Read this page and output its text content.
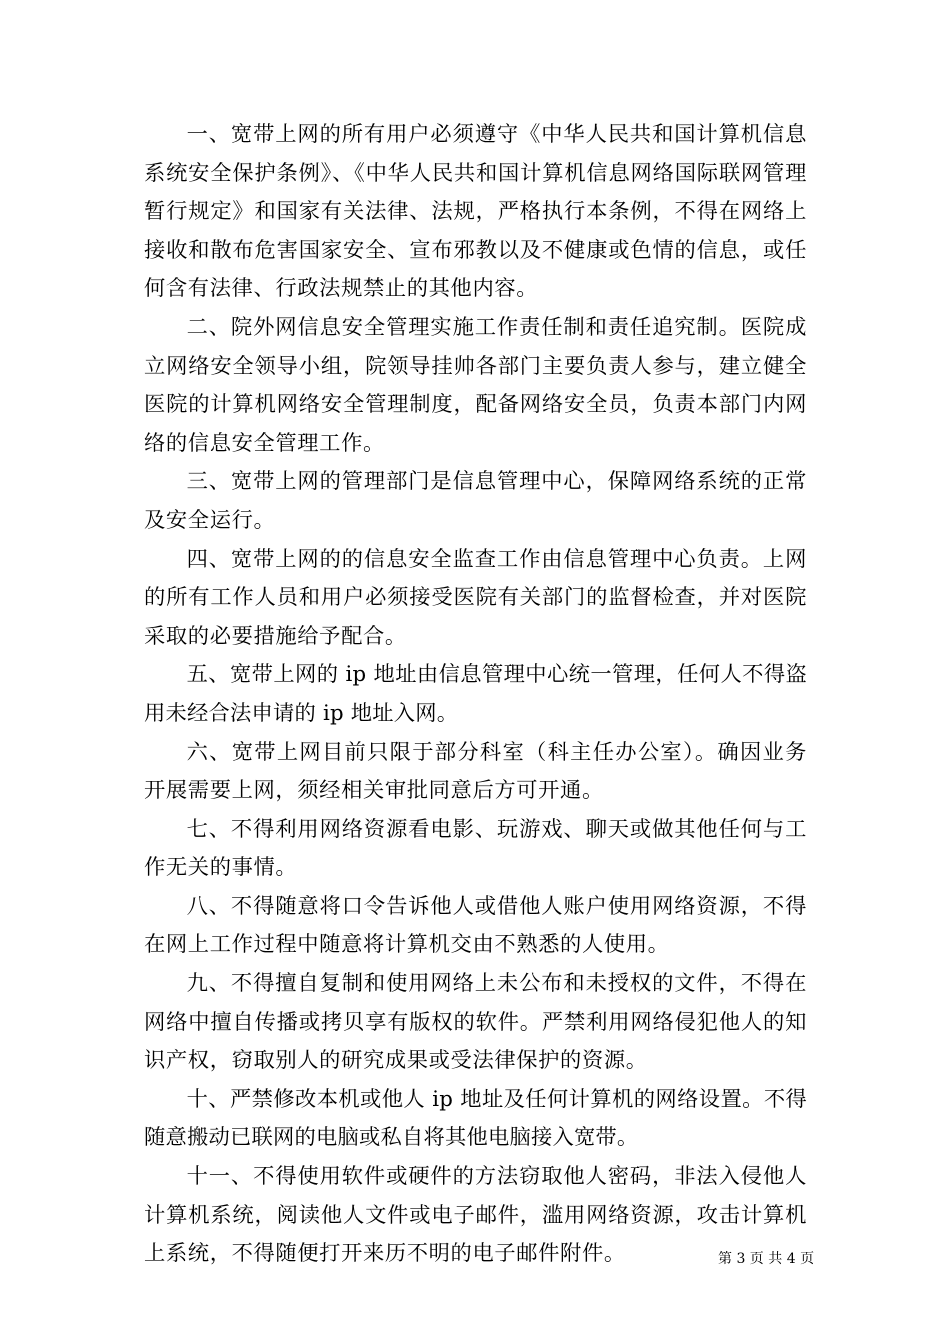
一、宽带上网的所有用户必须遵守《中华人民共和国计算机信息系统安全保护条例》、《中华人民共和国计算机信息网络国际联网管理暂行规定》和国家有关法律、法规，严格执行本条例，不得在网络上接收和散布危害国家安全、宣布邪教以及不健康或色情的信息，或任何含有法律、行政法规禁止的其他内容。

二、院外网信息安全管理实施工作责任制和责任追究制。医院成立网络安全领导小组，院领导挂帅各部门主要负责人参与，建立健全医院的计算机网络安全管理制度，配备网络安全员，负责本部门内网络的信息安全管理工作。

三、宽带上网的管理部门是信息管理中心，保障网络系统的正常及安全运行。

四、宽带上网的的信息安全监查工作由信息管理中心负责。上网的所有工作人员和用户必须接受医院有关部门的监督检查，并对医院采取的必要措施给予配合。

五、宽带上网的 ip 地址由信息管理中心统一管理，任何人不得盗用未经合法申请的 ip 地址入网。

六、宽带上网目前只限于部分科室（科主任办公室）。确因业务开展需要上网，须经相关审批同意后方可开通。

七、不得利用网络资源看电影、玩游戏、聊天或做其他任何与工作无关的事情。

八、不得随意将口令告诉他人或借他人账户使用网络资源，不得在网上工作过程中随意将计算机交由不熟悉的人使用。

九、不得擅自复制和使用网络上未公布和未授权的文件，不得在网络中擅自传播或拷贝享有版权的软件。严禁利用网络侵犯他人的知识产权，窃取别人的研究成果或受法律保护的资源。

十、严禁修改本机或他人 ip 地址及任何计算机的网络设置。不得随意搬动已联网的电脑或私自将其他电脑接入宽带。

十一、不得使用软件或硬件的方法窃取他人密码，非法入侵他人计算机系统，阅读他人文件或电子邮件，滥用网络资源，攻击计算机上系统，不得随便打开来历不明的电子邮件附件。	第 3 页 共 4 页
